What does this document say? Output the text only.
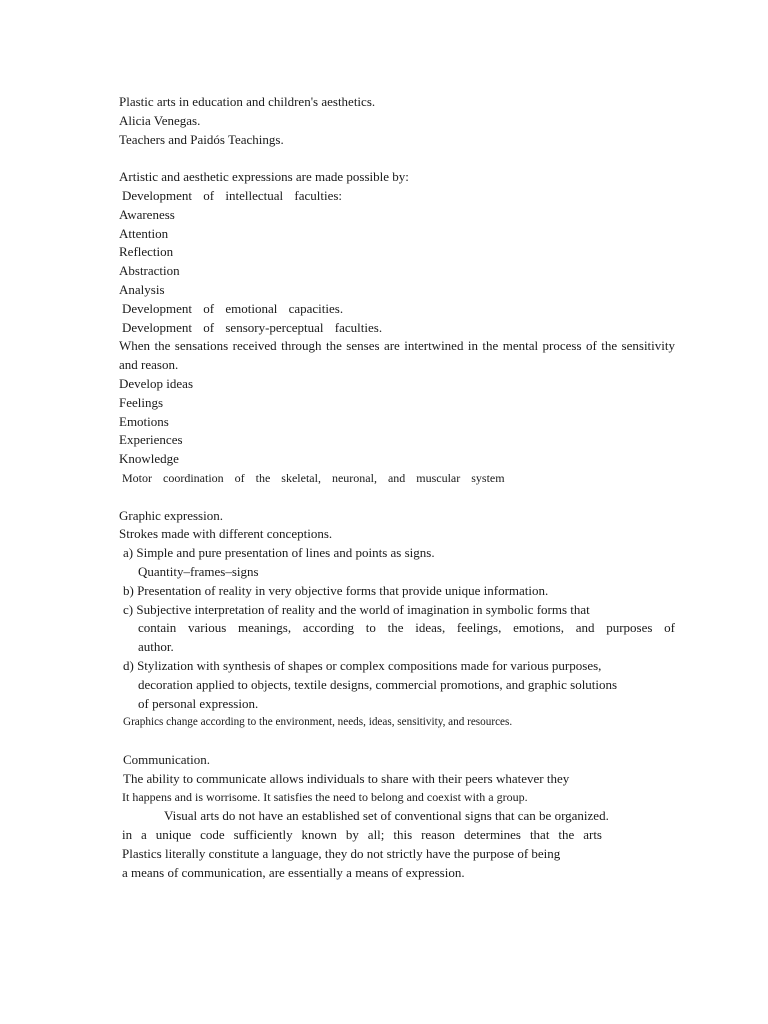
Plastic arts in education and children's aesthetics.
Alicia Venegas.
Teachers and Paidós Teachings.
Artistic and aesthetic expressions are made possible by:
Development of intellectual faculties:
Awareness
Attention
Reflection
Abstraction
Analysis
Development of emotional capacities.
Development of sensory-perceptual faculties.
When the sensations received through the senses are intertwined in the mental process of the sensitivity and reason.
Develop ideas
Feelings
Emotions
Experiences
Knowledge
Motor coordination of the skeletal, neuronal, and muscular system
Graphic expression.
Strokes made with different conceptions.
a) Simple and pure presentation of lines and points as signs.
Quantity–frames–signs
b) Presentation of reality in very objective forms that provide unique information.
c) Subjective interpretation of reality and the world of imagination in symbolic forms that
contain various meanings, according to the ideas, feelings, emotions, and purposes of
author.
d) Stylization with synthesis of shapes or complex compositions made for various purposes,
decoration applied to objects, textile designs, commercial promotions, and graphic solutions
of personal expression.
Graphics change according to the environment, needs, ideas, sensitivity, and resources.
Communication.
The ability to communicate allows individuals to share with their peers whatever they
It happens and is worrisome. It satisfies the need to belong and coexist with a group.
Visual arts do not have an established set of conventional signs that can be organized.
in a unique code sufficiently known by all; this reason determines that the arts
Plastics literally constitute a language, they do not strictly have the purpose of being
a means of communication, are essentially a means of expression.
